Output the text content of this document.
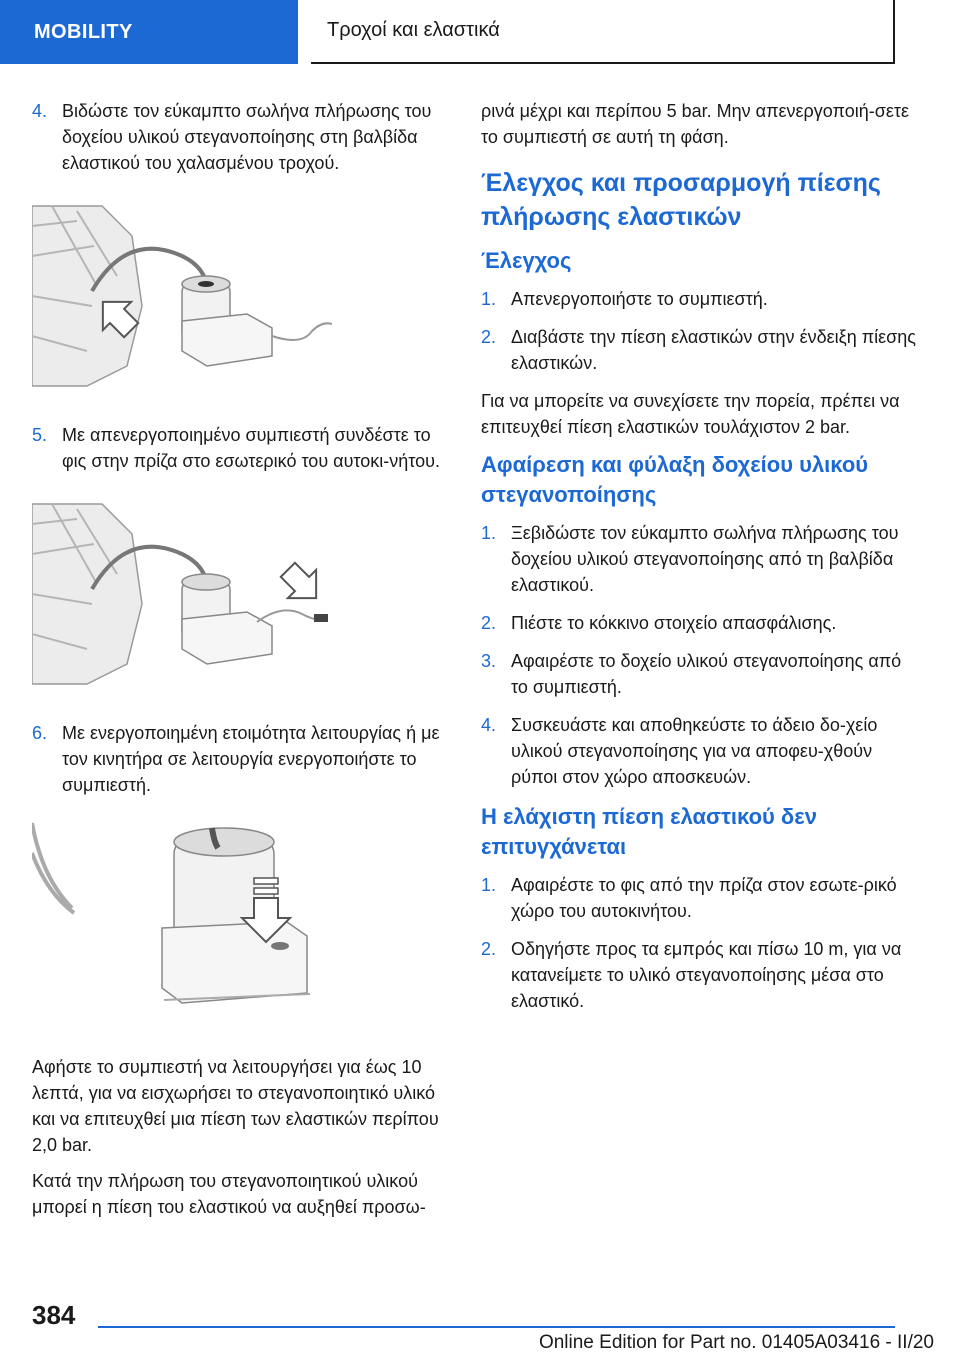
MOBILITY	Τροχοί και ελαστικά
4. Βιδώστε τον εύκαμπτο σωλήνα πλήρωσης του δοχείου υλικού στεγανοποίησης στη βαλβίδα ελαστικού του χαλασμένου τροχού.
5. Με απενεργοποιημένο συμπιεστή συνδέστε το φις στην πρίζα στο εσωτερικό του αυτοκι‐νήτου.
6. Με ενεργοποιημένη ετοιμότητα λειτουργίας ή με τον κινητήρα σε λειτουργία ενεργοποιήστε το συμπιεστή.
Αφήστε το συμπιεστή να λειτουργήσει για έως 10 λεπτά, για να εισχωρήσει το στεγανοποιητικό υλικό και να επιτευχθεί μια πίεση των ελαστικών περίπου 2,0 bar.
Κατά την πλήρωση του στεγανοποιητικού υλικού μπορεί η πίεση του ελαστικού να αυξηθεί προσω‐
ρινά μέχρι και περίπου 5 bar. Μην απενεργοποιή‐σετε το συμπιεστή σε αυτή τη φάση.
Έλεγχος και προσαρμογή πίεσης πλήρωσης ελαστικών
Έλεγχος
1. Απενεργοποιήστε το συμπιεστή.
2. Διαβάστε την πίεση ελαστικών στην ένδειξη πίεσης ελαστικών.
Για να μπορείτε να συνεχίσετε την πορεία, πρέπει να επιτευχθεί πίεση ελαστικών τουλάχιστον 2 bar.
Αφαίρεση και φύλαξη δοχείου υλικού στεγανοποίησης
1. Ξεβιδώστε τον εύκαμπτο σωλήνα πλήρωσης του δοχείου υλικού στεγανοποίησης από τη βαλβίδα ελαστικού.
2. Πιέστε το κόκκινο στοιχείο απασφάλισης.
3. Αφαιρέστε το δοχείο υλικού στεγανοποίησης από το συμπιεστή.
4. Συσκευάστε και αποθηκεύστε το άδειο δο‐χείο υλικού στεγανοποίησης για να αποφευ‐χθούν ρύποι στον χώρο αποσκευών.
Η ελάχιστη πίεση ελαστικού δεν επιτυγχάνεται
1. Αφαιρέστε το φις από την πρίζα στον εσωτε‐ρικό χώρο του αυτοκινήτου.
2. Οδηγήστε προς τα εμπρός και πίσω 10 m, για να κατανείμετε το υλικό στεγανοποίησης μέσα στο ελαστικό.
384
Online Edition for Part no. 01405A03416 - II/20
